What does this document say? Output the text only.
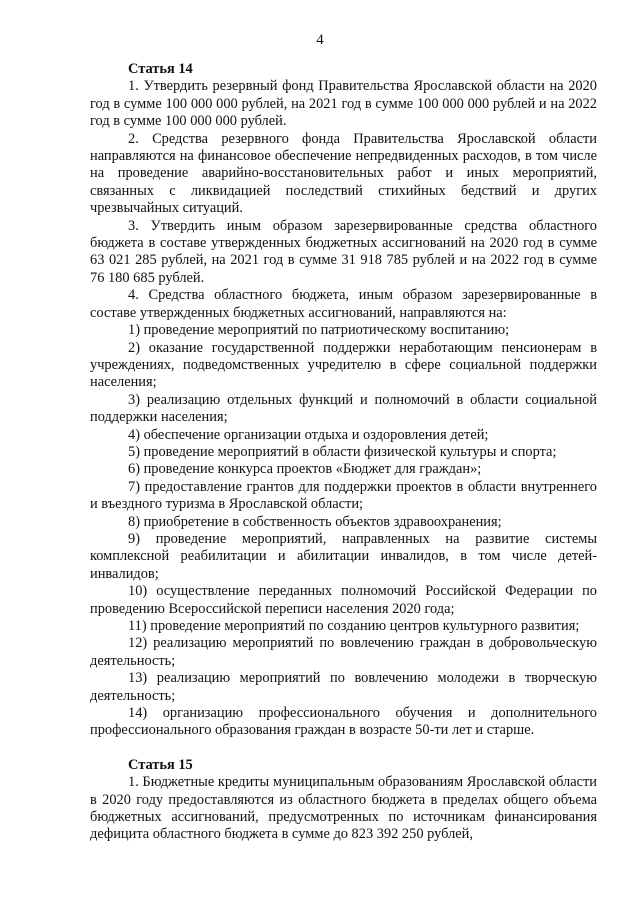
4
Статья 14

1. Утвердить резервный фонд Правительства Ярославской области на 2020 год в сумме 100 000 000 рублей, на 2021 год в сумме 100 000 000 рублей и на 2022 год в сумме 100 000 000 рублей.

2. Средства резервного фонда Правительства Ярославской области направляются на финансовое обеспечение непредвиденных расходов, в том числе на проведение аварийно-восстановительных работ и иных мероприятий, связанных с ликвидацией последствий стихийных бедствий и других чрезвычайных ситуаций.

3. Утвердить иным образом зарезервированные средства областного бюджета в составе утвержденных бюджетных ассигнований на 2020 год в сумме 63 021 285 рублей, на 2021 год в сумме 31 918 785 рублей и на 2022 год в сумме 76 180 685 рублей.

4. Средства областного бюджета, иным образом зарезервированные в составе утвержденных бюджетных ассигнований, направляются на:

1) проведение мероприятий по патриотическому воспитанию;

2) оказание государственной поддержки неработающим пенсионерам в учреждениях, подведомственных учредителю в сфере социальной поддержки населения;

3) реализацию отдельных функций и полномочий в области социальной поддержки населения;

4) обеспечение организации отдыха и оздоровления детей;

5) проведение мероприятий в области физической культуры и спорта;

6) проведение конкурса проектов «Бюджет для граждан»;

7) предоставление грантов для поддержки проектов в области внутреннего и въездного туризма в Ярославской области;

8) приобретение в собственность объектов здравоохранения;

9) проведение мероприятий, направленных на развитие системы комплексной реабилитации и абилитации инвалидов, в том числе детей-инвалидов;

10) осуществление переданных полномочий Российской Федерации по проведению Всероссийской переписи населения 2020 года;

11) проведение мероприятий по созданию центров культурного развития;

12) реализацию мероприятий по вовлечению граждан в добровольческую деятельность;

13) реализацию мероприятий по вовлечению молодежи в творческую деятельность;

14) организацию профессионального обучения и дополнительного профессионального образования граждан в возрасте 50-ти лет и старше.

Статья 15

1. Бюджетные кредиты муниципальным образованиям Ярославской области в 2020 году предоставляются из областного бюджета в пределах общего объема бюджетных ассигнований, предусмотренных по источникам финансирования дефицита областного бюджета в сумме до 823 392 250 рублей,
